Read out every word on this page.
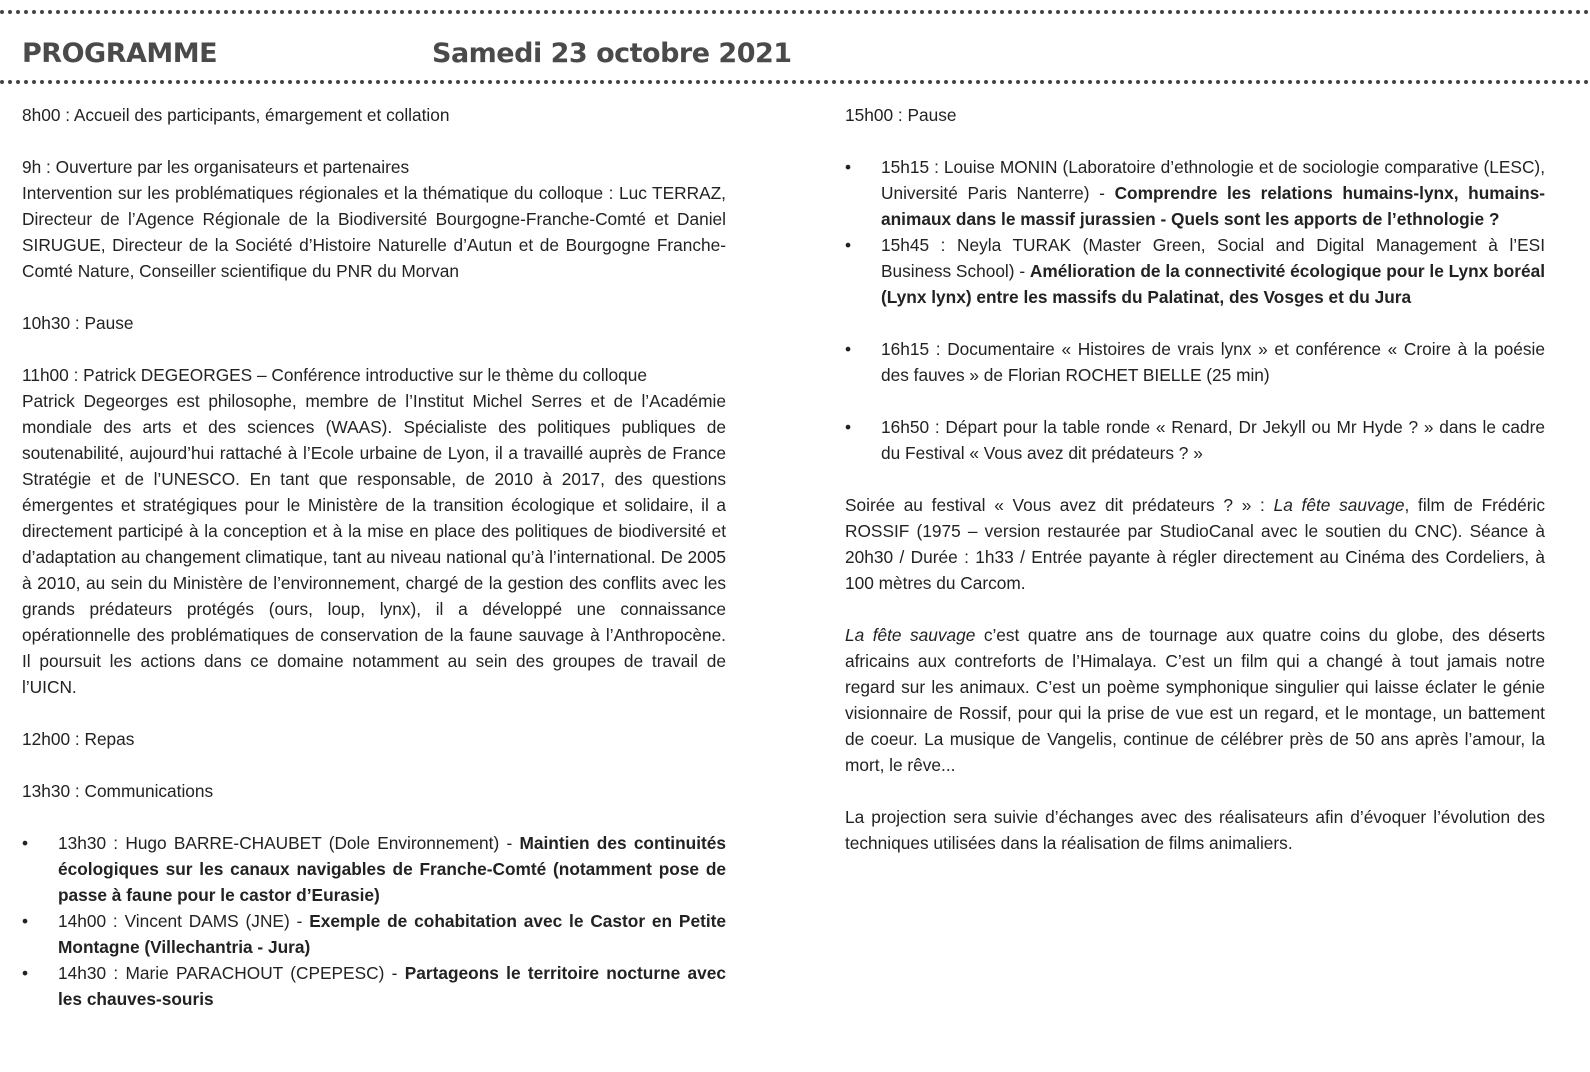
PROGRAMME	Samedi 23 octobre 2021

8h00 : Accueil des participants, émargement et collation

9h : Ouverture par les organisateurs et partenaires
Intervention sur les problématiques régionales et la thématique du colloque : Luc TERRAZ, Directeur de l’Agence Régionale de la Biodiversité Bourgogne-Franche-Comté et Daniel SIRUGUE, Directeur de la Société d’Histoire Naturelle d’Autun et de Bourgogne Franche-Comté Nature, Conseiller scientifique du PNR du Morvan

10h30 : Pause

11h00 : Patrick DEGEORGES – Conférence introductive sur le thème du colloque
Patrick Degeorges est philosophe, membre de l’Institut Michel Serres et de l’Académie mondiale des arts et des sciences (WAAS). Spécialiste des politiques publiques de soutenabilité, aujourd’hui rattaché à l’Ecole urbaine de Lyon, il a travaillé auprès de France Stratégie et de l’UNESCO. En tant que responsable, de 2010 à 2017, des questions émergentes et stratégiques pour le Ministère de la transition écologique et solidaire, il a directement participé à la conception et à la mise en place des politiques de biodiversité et d’adaptation au changement climatique, tant au niveau national qu’à l’international. De 2005 à 2010, au sein du Ministère de l’environnement, chargé de la gestion des conflits avec les grands prédateurs protégés (ours, loup, lynx), il a développé une connaissance opérationnelle des problématiques de conservation de la faune sauvage à l’Anthropocène. Il poursuit les actions dans ce domaine notamment au sein des groupes de travail de l’UICN.

12h00 : Repas

13h30 : Communications

• 13h30 : Hugo BARRE-CHAUBET (Dole Environnement) - Maintien des continuités écologiques sur les canaux navigables de Franche-Comté (notamment pose de passe à faune pour le castor d’Eurasie)
• 14h00 : Vincent DAMS (JNE) - Exemple de cohabitation avec le Castor en Petite Montagne (Villechantria - Jura)
• 14h30 : Marie PARACHOUT (CPEPESC) - Partageons le territoire nocturne avec les chauves-souris

15h00 : Pause

• 15h15 : Louise MONIN (Laboratoire d’ethnologie et de sociologie comparative (LESC), Université Paris Nanterre) - Comprendre les relations humains-lynx, humains-animaux dans le massif jurassien - Quels sont les apports de l’ethnologie ?
• 15h45 : Neyla TURAK (Master Green, Social and Digital Management à l’ESI Business School) - Amélioration de la connectivité écologique pour le Lynx boréal (Lynx lynx) entre les massifs du Palatinat, des Vosges et du Jura
• 16h15 : Documentaire « Histoires de vrais lynx » et conférence « Croire à la poésie des fauves » de Florian ROCHET BIELLE (25 min)
• 16h50 : Départ pour la table ronde « Renard, Dr Jekyll ou Mr Hyde ? » dans le cadre du Festival « Vous avez dit prédateurs ? »

Soirée au festival « Vous avez dit prédateurs ? » : La fête sauvage, film de Frédéric ROSSIF (1975 – version restaurée par StudioCanal avec le soutien du CNC). Séance à 20h30 / Durée : 1h33 / Entrée payante à régler directement au Cinéma des Cordeliers, à 100 mètres du Carcom.

La fête sauvage c’est quatre ans de tournage aux quatre coins du globe, des déserts africains aux contreforts de l’Himalaya. C’est un film qui a changé à tout jamais notre regard sur les animaux. C’est un poème symphonique singulier qui laisse éclater le génie visionnaire de Rossif, pour qui la prise de vue est un regard, et le montage, un battement de coeur. La musique de Vangelis, continue de célébrer près de 50 ans après l’amour, la mort, le rêve...

La projection sera suivie d’échanges avec des réalisateurs afin d’évoquer l’évolution des techniques utilisées dans la réalisation de films animaliers.
